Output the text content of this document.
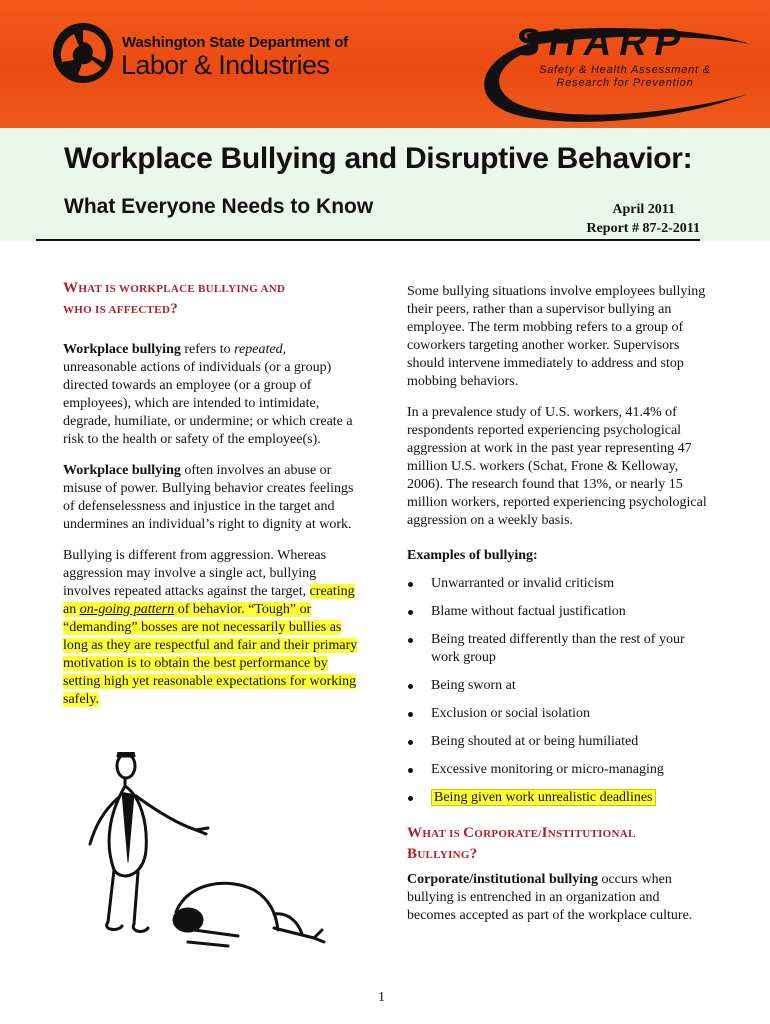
Washington State Department of
Labor & Industries
SHARP
Safety & Health Assessment &
Research for Prevention
Workplace Bullying and Disruptive Behavior:
What Everyone Needs to Know	April 2011
Report # 87-2-2011
WHAT IS WORKPLACE BULLYING AND
WHO IS AFFECTED?

Workplace bullying refers to repeated, unreasonable actions of individuals (or a group) directed towards an employee (or a group of employees), which are intended to intimidate, degrade, humiliate, or undermine; or which create a risk to the health or safety of the employee(s).

Workplace bullying often involves an abuse or misuse of power. Bullying behavior creates feelings of defenselessness and injustice in the target and undermines an individual’s right to dignity at work.

Bullying is different from aggression. Whereas aggression may involve a single act, bullying involves repeated attacks against the target, creating an on-going pattern of behavior. “Tough” or “demanding” bosses are not necessarily bullies as long as they are respectful and fair and their primary motivation is to obtain the best performance by setting high yet reasonable expectations for working safely.

Some bullying situations involve employees bullying their peers, rather than a supervisor bullying an employee. The term mobbing refers to a group of coworkers targeting another worker. Supervisors should intervene immediately to address and stop mobbing behaviors.

In a prevalence study of U.S. workers, 41.4% of respondents reported experiencing psychological aggression at work in the past year representing 47 million U.S. workers (Schat, Frone & Kelloway, 2006). The research found that 13%, or nearly 15 million workers, reported experiencing psychological aggression on a weekly basis.

Examples of bullying:
Unwarranted or invalid criticism
Blame without factual justification
Being treated differently than the rest of your work group
Being sworn at
Exclusion or social isolation
Being shouted at or being humiliated
Excessive monitoring or micro-managing
Being given work unrealistic deadlines
WHAT IS CORPORATE/INSTITUTIONAL
BULLYING?

Corporate/institutional bullying occurs when bullying is entrenched in an organization and becomes accepted as part of the workplace culture.

1
